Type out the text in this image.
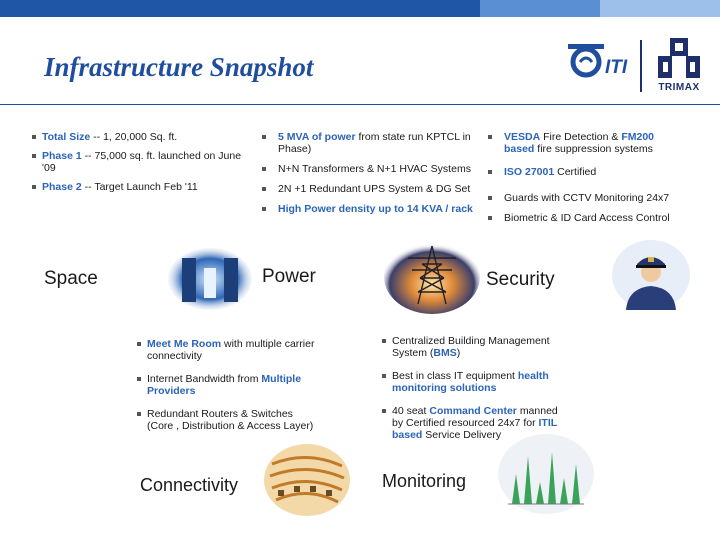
Infrastructure Snapshot	ITI
TRIMAX
Total Size -- 1, 20,000 Sq. ft.
Phase 1 -- 75,000 sq. ft. launched on June '09
Phase 2 -- Target Launch Feb '11
Space
5 MVA of power from state run KPTCL in Phase)
N+N Transformers & N+1 HVAC Systems
2N +1 Redundant UPS System & DG Set
High Power density up to 14 KVA / rack
Power
VESDA Fire Detection & FM200 based fire suppression systems
ISO 27001 Certified
Guards with CCTV Monitoring 24x7
Biometric & ID Card Access Control
Security
Meet Me Room with multiple carrier connectivity
Internet Bandwidth from Multiple Providers
Redundant Routers & Switches (Core , Distribution & Access Layer)
Connectivity
Centralized Building Management System (BMS)
Best in class IT equipment health monitoring solutions
40 seat Command Center manned by Certified resourced 24x7 for ITIL based Service Delivery
Monitoring
